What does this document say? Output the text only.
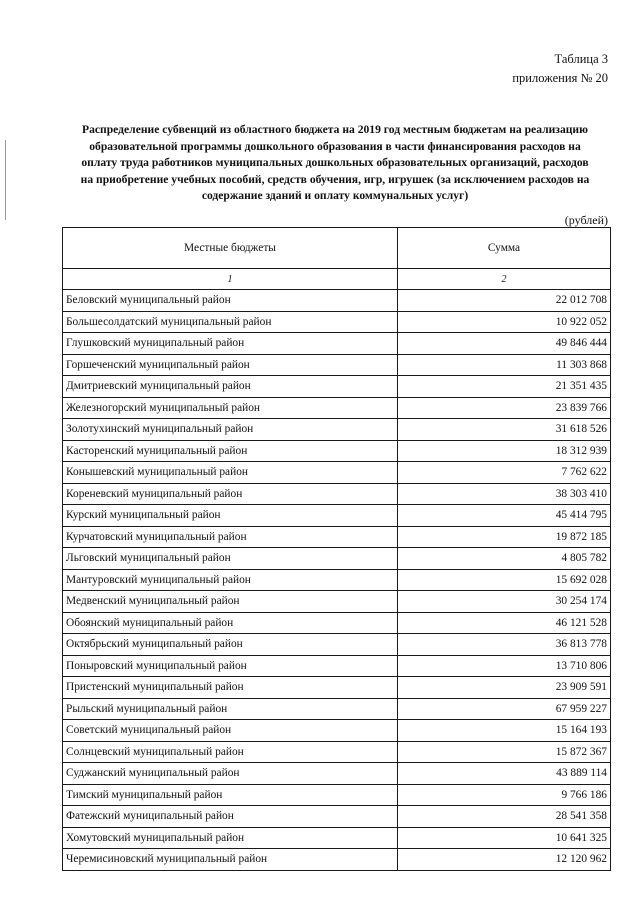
Таблица 3
приложения № 20
Распределение субвенций из областного бюджета на 2019 год местным бюджетам на реализацию
образовательной программы дошкольного образования в части финансирования расходов на
оплату труда работников муниципальных дошкольных образовательных организаций, расходов
на приобретение учебных пособий, средств обучения, игр, игрушек (за исключением расходов на
содержание зданий и оплату коммунальных услуг)
(рублей)
Местные бюджеты	Сумма
1	2
Беловский муниципальный район	22 012 708
Большесолдатский муниципальный район	10 922 052
Глушковский муниципальный район	49 846 444
Горшеченский муниципальный район	11 303 868
Дмитриевский муниципальный район	21 351 435
Железногорский муниципальный район	23 839 766
Золотухинский муниципальный район	31 618 526
Касторенский муниципальный район	18 312 939
Конышевский муниципальный район	7 762 622
Кореневский муниципальный район	38 303 410
Курский муниципальный район	45 414 795
Курчатовский муниципальный район	19 872 185
Льговский муниципальный район	4 805 782
Мантуровский муниципальный район	15 692 028
Медвенский муниципальный район	30 254 174
Обоянский муниципальный район	46 121 528
Октябрьский муниципальный район	36 813 778
Поныровский муниципальный район	13 710 806
Пристенский муниципальный район	23 909 591
Рыльский муниципальный район	67 959 227
Советский муниципальный район	15 164 193
Солнцевский муниципальный район	15 872 367
Суджанский муниципальный район	43 889 114
Тимский муниципальный район	9 766 186
Фатежский муниципальный район	28 541 358
Хомутовский муниципальный район	10 641 325
Черемисиновский муниципальный район	12 120 962
